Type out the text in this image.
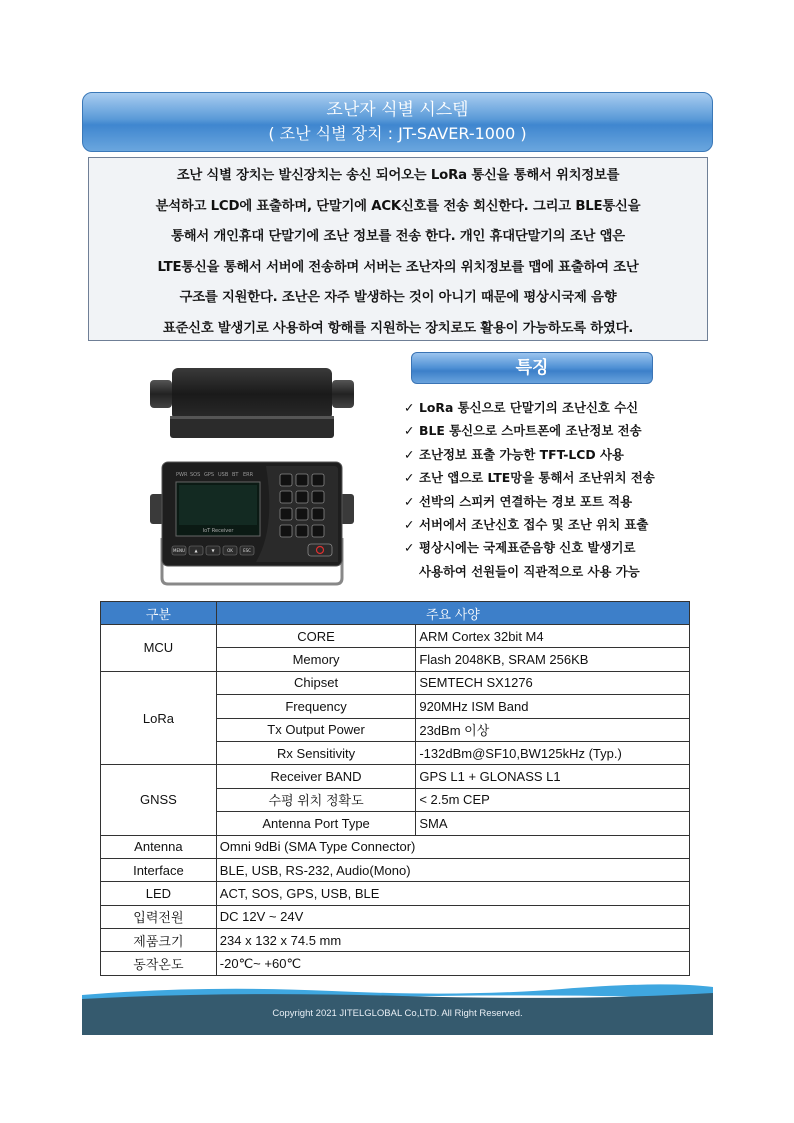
조난자 식별 시스템
( 조난 식별 장치 : JT-SAVER-1000 )
조난 식별 장치는 발신장치는 송신 되어오는 LoRa 통신을 통해서 위치정보를
분석하고 LCD에 표출하며, 단말기에 ACK신호를 전송 회신한다. 그리고 BLE통신을
통해서 개인휴대 단말기에 조난 정보를 전송 한다. 개인 휴대단말기의 조난 앱은
LTE통신을 통해서 서버에 전송하며 서버는 조난자의 위치정보를 맵에 표출하여 조난
구조를 지원한다. 조난은 자주 발생하는 것이 아니기 때문에 평상시국제 음향
표준신호 발생기로 사용하여 항해를 지원하는 장치로도 활용이 가능하도록 하였다.
PWR SOS GPS USB BT ERR
IoT Receiver
MENU ▲	▼	OK	ESC
특징
✓ LoRa 통신으로 단말기의 조난신호 수신
✓ BLE 통신으로 스마트폰에 조난정보 전송
✓ 조난정보 표출 가능한 TFT-LCD 사용
✓ 조난 앱으로 LTE망을 통해서 조난위치 전송
✓ 선박의 스피커 연결하는 경보 포트 적용
✓ 서버에서 조난신호 접수 및 조난 위치 표출
✓ 평상시에는 국제표준음향 신호 발생기로
사용하여 선원들이 직관적으로 사용 가능
구분	주요 사양	
MCU	CORE	ARM Cortex 32bit M4
	Memory	Flash 2048KB, SRAM 256KB
LoRa	Chipset	SEMTECH SX1276
	Frequency	920MHz ISM Band
	Tx Output Power	23dBm 이상
	Rx Sensitivity	-132dBm@SF10,BW125kHz (Typ.)
GNSS	Receiver BAND	GPS L1 + GLONASS L1
	수평 위치 정확도	< 2.5m CEP
	Antenna Port Type	SMA
Antenna	Omni 9dBi (SMA Type Connector)	
Interface	BLE, USB, RS-232, Audio(Mono)	
LED	ACT, SOS, GPS, USB, BLE	
입력전원	DC 12V ~ 24V	
제품크기	234 x 132 x 74.5 mm	
동작온도	-20℃~ +60℃	
Copyright 2021 JITELGLOBAL Co,LTD. All Right Reserved.
